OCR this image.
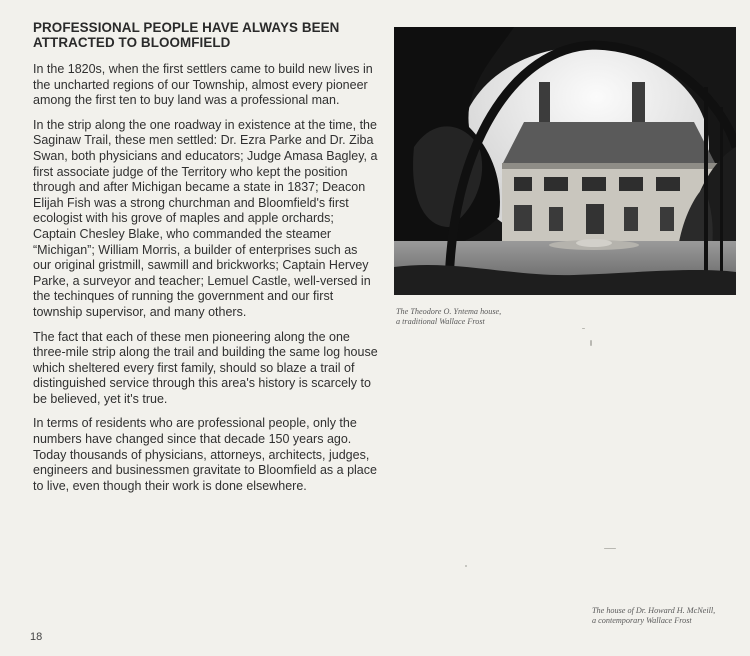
PROFESSIONAL PEOPLE HAVE ALWAYS BEEN ATTRACTED TO BLOOMFIELD

In the 1820s, when the first settlers came to build new lives in the uncharted regions of our Township, almost every pioneer among the first ten to buy land was a professional man.

In the strip along the one roadway in existence at the time, the Saginaw Trail, these men settled: Dr. Ezra Parke and Dr. Ziba Swan, both physicians and educators; Judge Amasa Bagley, a first associate judge of the Territory who kept the position through and after Michigan became a state in 1837; Deacon Elijah Fish was a strong churchman and Bloomfield's first ecologist with his grove of maples and apple orchards; Captain Chesley Blake, who commanded the steamer “Michigan”; William Morris, a builder of enterprises such as our original gristmill, sawmill and brickworks; Captain Hervey Parke, a surveyor and teacher; Lemuel Castle, well-versed in the techinques of running the government and our first township supervisor, and many others.

The fact that each of these men pioneering along the one three-mile strip along the trail and building the same log house which sheltered every first family, should so blaze a trail of distinguished service through this area's history is scarcely to be believed, yet it's true.

In terms of residents who are professional people, only the numbers have changed since that decade 150 years ago. Today thousands of physicians, attorneys, architects, judges, engineers and businessmen gravitate to Bloomfield as a place to live, even though their work is done elsewhere.

The Theodore O. Yntema house,
a traditional Wallace Frost
The house of Dr. Howard H. McNeill,
a contemporary Wallace Frost
18
